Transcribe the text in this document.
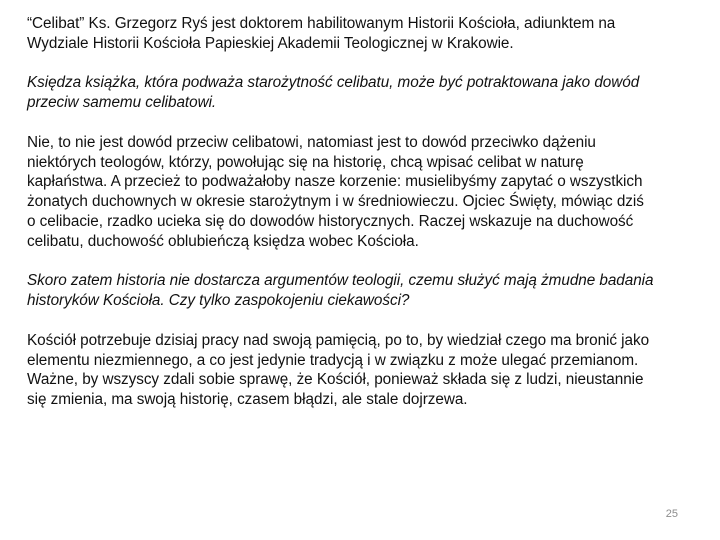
“Celibat” Ks. Grzegorz Ryś jest doktorem habilitowanym Historii Kościoła, adiunktem na
Wydziale Historii Kościoła Papieskiej Akademii Teologicznej w Krakowie.

Księdza książka, która podważa starożytność celibatu, może być potraktowana jako dowód
przeciw samemu celibatowi.

Nie, to nie jest dowód przeciw celibatowi, natomiast jest to dowód przeciwko dążeniu
niektórych teologów, którzy, powołując się na historię, chcą wpisać celibat w naturę
kapłaństwa. A przecież to podważałoby nasze korzenie: musielibyśmy zapytać o wszystkich
żonatych duchownych w okresie starożytnym i w średniowieczu. Ojciec Święty, mówiąc dziś
o celibacie, rzadko ucieka się do dowodów historycznych. Raczej wskazuje na duchowość
celibatu, duchowość oblubieńczą księdza wobec Kościoła.

Skoro zatem historia nie dostarcza argumentów teologii, czemu służyć mają żmudne badania
historyków Kościoła. Czy tylko zaspokojeniu ciekawości?

Kościół potrzebuje dzisiaj pracy nad swoją pamięcią, po to, by wiedział czego ma bronić jako
elementu niezmiennego, a co jest jedynie tradycją i w związku z może ulegać przemianom.
Ważne, by wszyscy zdali sobie sprawę, że Kościół, ponieważ składa się z ludzi, nieustannie
się zmienia, ma swoją historię, czasem błądzi, ale stale dojrzewa.

25
